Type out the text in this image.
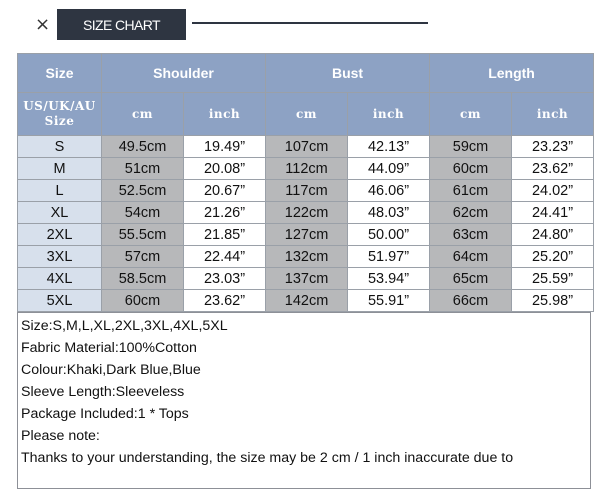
×	SIZE CHART
Size	Shoulder		Bust		Length	

US/UK/AU
Size	cm	inch	cm	inch	cm	inch
S	49.5cm	19.49”	107cm	42.13”	59cm	23.23”
M	51cm	20.08”	112cm	44.09”	60cm	23.62”
L	52.5cm	20.67”	117cm	46.06”	61cm	24.02”
XL	54cm	21.26”	122cm	48.03”	62cm	24.41”
2XL	55.5cm	21.85”	127cm	50.00”	63cm	24.80”
3XL	57cm	22.44”	132cm	51.97”	64cm	25.20”
4XL	58.5cm	23.03”	137cm	53.94”	65cm	25.59”
5XL	60cm	23.62”	142cm	55.91”	66cm	25.98”
Size:S,M,L,XL,2XL,3XL,4XL,5XL
Fabric Material:100%Cotton
Colour:Khaki,Dark Blue,Blue
Sleeve Length:Sleeveless
Package Included:1 * Tops
Please note:
Thanks to your understanding, the size may be 2 cm / 1 inch inaccurate due to
